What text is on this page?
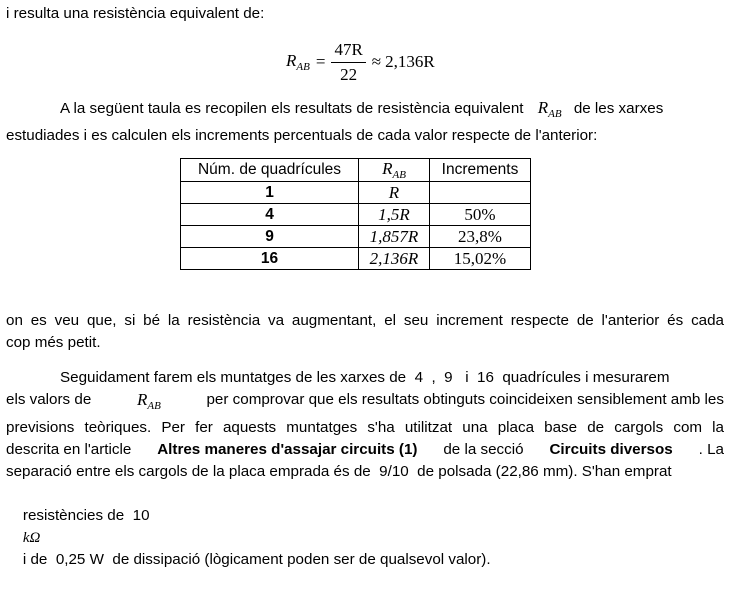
i resulta una resistència equivalent de:
$R_{AB} = \frac{47R}{22} \approx 2,136R$
A la següent taula es recopilen els resultats de resistència equivalent $R_{AB}$ de les xarxes
estudiades i es calculen els increments percentuals de cada valor respecte de l'anterior:
Núm. de quadrícules	$R_{AB}$	Increments
1	R	
4	1,5R	50%
9	1,857R	23,8%
16	2,136R	15,02%
on es veu que, si bé la resistència va augmentant, el seu increment respecte de l'anterior és cada
cop més petit.
Seguidament farem els muntatges de les xarxes de  4  ,  9   i  16  quadrícules i mesurarem
els valors de	$R_{AB}$	per comprovar que els resultats obtinguts coincideixen sensiblement amb les
previsions teòriques. Per fer aquests muntatges s'ha utilitzat una placa base de cargols com la
descrita en l'article Altres maneres d'assajar circuits (1) de la secció Circuits diversos . La
separació entre els cargols de la placa emprada és de  9/10  de polsada (22,86 mm). S'han emprat

resistències de  10
kΩ
i de  0,25 W  de dissipació (lògicament poden ser de qualsevol valor).
